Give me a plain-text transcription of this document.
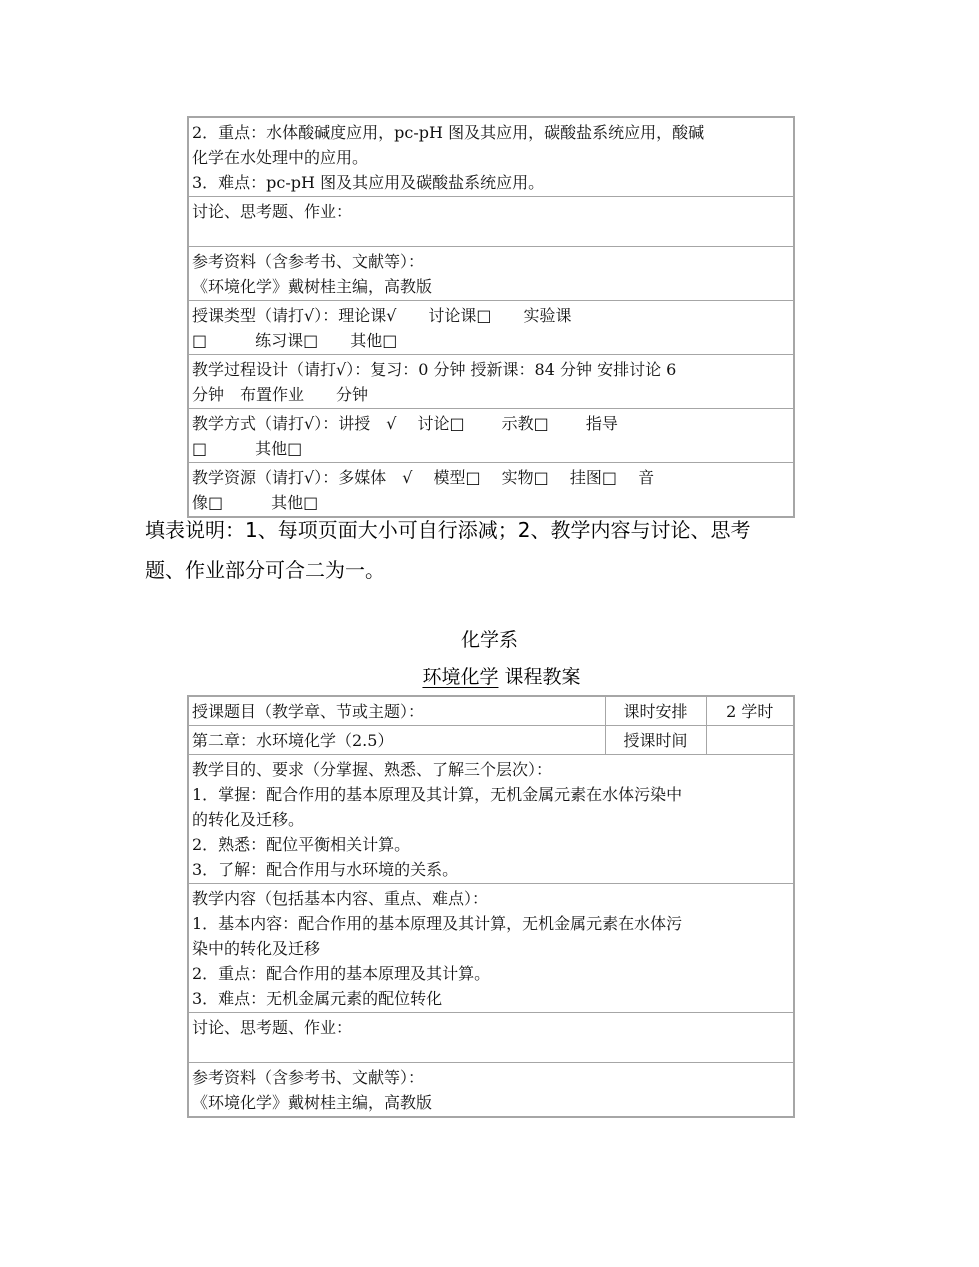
2．重点：水体酸碱度应用，pc-pH 图及其应用，碳酸盐系统应用，酸碱
化学在水处理中的应用。
3．难点：pc-pH 图及其应用及碳酸盐系统应用。

讨论、思考题、作业：

参考资料（含参考书、文献等）：
《环境化学》戴树桂主编，高教版

授课类型（请打√）：理论课√　　讨论课□　　实验课
□　　　练习课□　　其他□

教学过程设计（请打√）：复习：0 分钟 授新课：84 分钟 安排讨论 6
分钟　布置作业　　分钟

教学方式（请打√）：讲授　√　 讨论□　　 示教□　　 指导
□　　　其他□

教学资源（请打√）：多媒体　√　 模型□　 实物□　 挂图□　 音
像□　　　其他□
填表说明：1、每项页面大小可自行添减；2、教学内容与讨论、思考
题、作业部分可合二为一。
化学系
环境化学 课程教案
授课题目（教学章、节或主题）：	课时安排	2 学时
第二章：水环境化学（2.5）	授课时间	

教学目的、要求（分掌握、熟悉、了解三个层次）：
1．掌握：配合作用的基本原理及其计算，无机金属元素在水体污染中
的转化及迁移。
2．熟悉：配位平衡相关计算。
3．了解：配合作用与水环境的关系。		

教学内容（包括基本内容、重点、难点）：
1．基本内容：配合作用的基本原理及其计算，无机金属元素在水体污
染中的转化及迁移
2．重点：配合作用的基本原理及其计算。
3．难点：无机金属元素的配位转化		

讨论、思考题、作业：		

参考资料（含参考书、文献等）：
《环境化学》戴树桂主编，高教版		
